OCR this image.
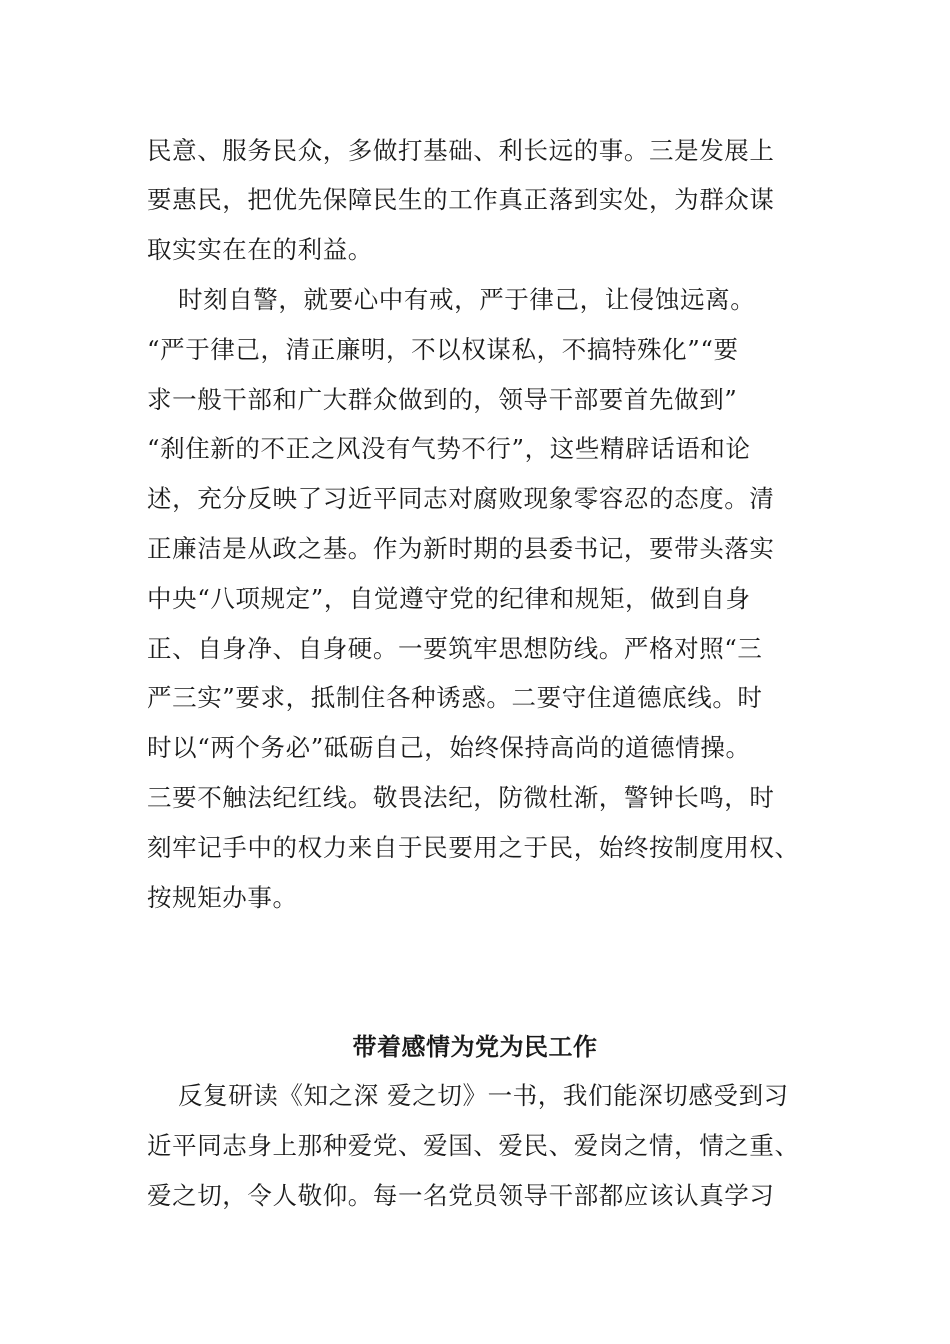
民意、服务民众，多做打基础、利长远的事。三是发展上
要惠民，把优先保障民生的工作真正落到实处，为群众谋
取实实在在的利益。
时刻自警，就要心中有戒，严于律己，让侵蚀远离。
“严于律己，清正廉明，不以权谋私，不搞特殊化”“要
求一般干部和广大群众做到的，领导干部要首先做到”
“刹住新的不正之风没有气势不行”，这些精辟话语和论
述，充分反映了习近平同志对腐败现象零容忍的态度。清
正廉洁是从政之基。作为新时期的县委书记，要带头落实
中央“八项规定”，自觉遵守党的纪律和规矩，做到自身
正、自身净、自身硬。一要筑牢思想防线。严格对照“三
严三实”要求，抵制住各种诱惑。二要守住道德底线。时
时以“两个务必”砥砺自己，始终保持高尚的道德情操。
三要不触法纪红线。敬畏法纪，防微杜渐，警钟长鸣，时
刻牢记手中的权力来自于民要用之于民，始终按制度用权、
按规矩办事。
带着感情为党为民工作
反复研读《知之深 爱之切》一书，我们能深切感受到习
近平同志身上那种爱党、爱国、爱民、爱岗之情，情之重、
爱之切，令人敬仰。每一名党员领导干部都应该认真学习
